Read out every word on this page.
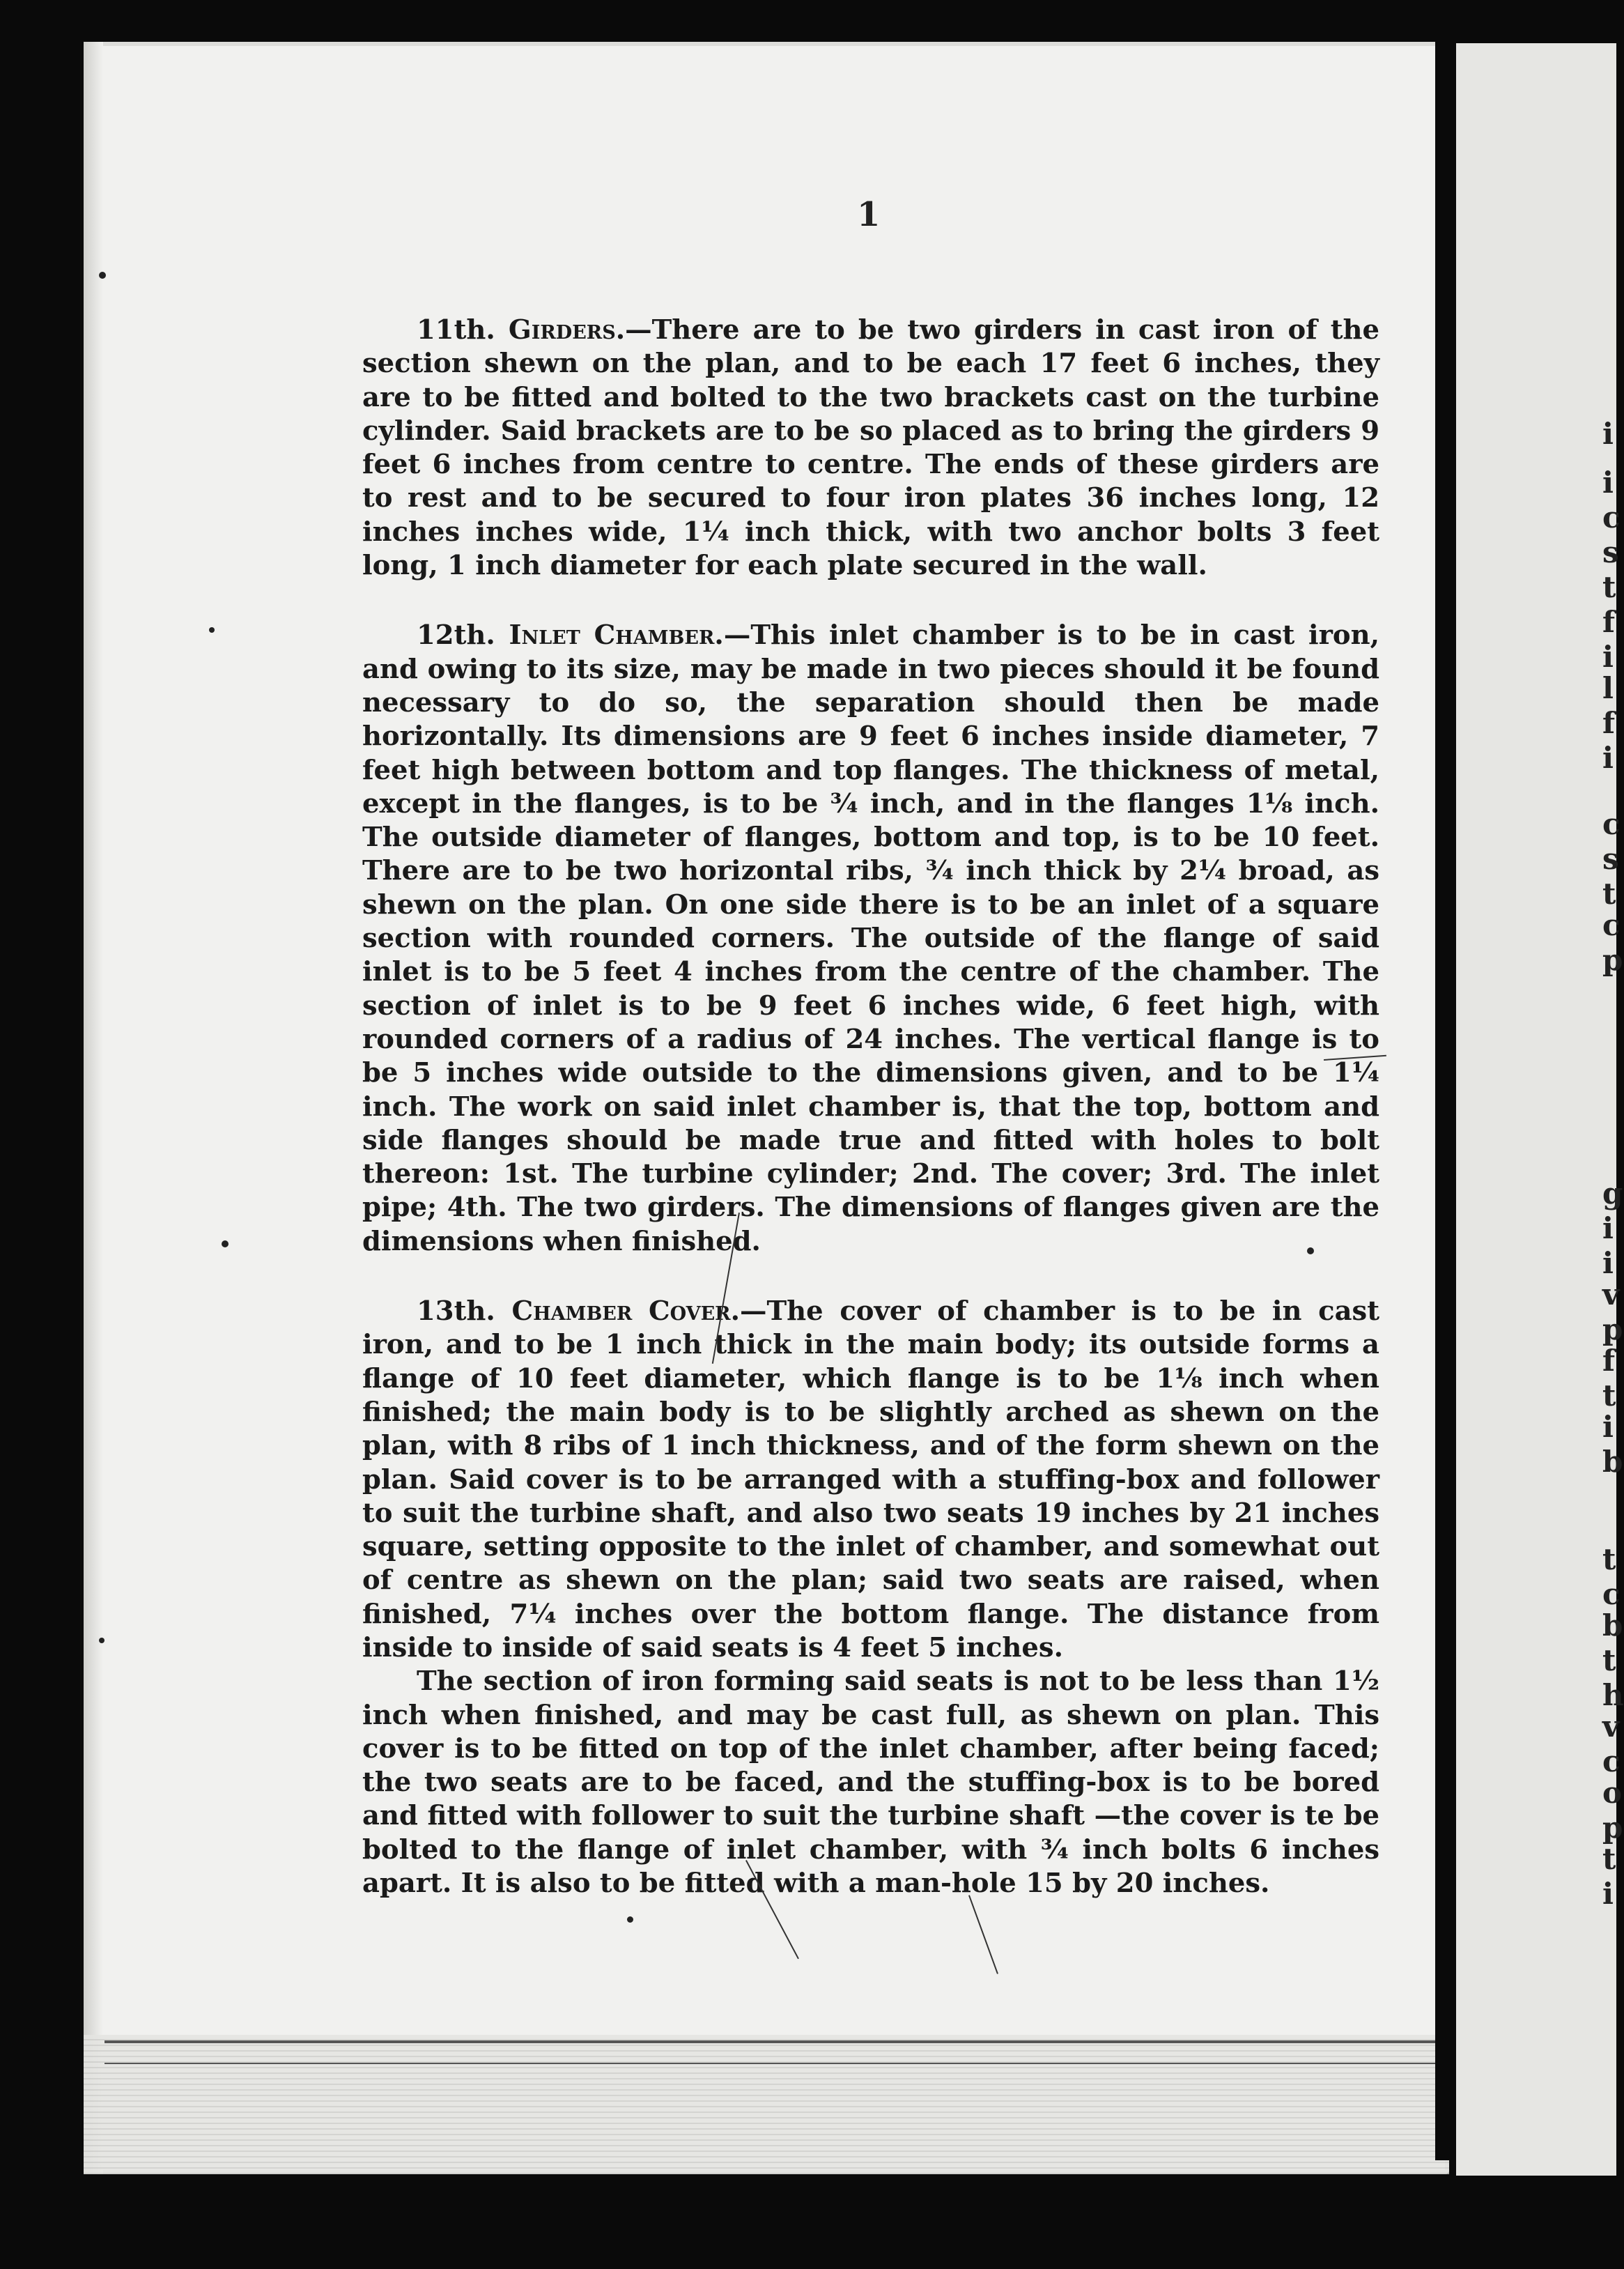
1

11th. Girders.—There are to be two girders in cast iron of the section shewn on the plan, and to be each 17 feet 6 inches, they are to be fitted and bolted to the two brackets cast on the turbine cylinder. Said brackets are to be so placed as to bring the girders 9 feet 6 inches from centre to centre. The ends of these girders are to rest and to be secured to four iron plates 36 inches long, 12 inches inches wide, 1¼ inch thick, with two anchor bolts 3 feet long, 1 inch diameter for each plate secured in the wall.

12th. Inlet Chamber.—This inlet chamber is to be in cast iron, and owing to its size, may be made in two pieces should it be found necessary to do so, the separation should then be made horizontally. Its dimensions are 9 feet 6 inches inside diameter, 7 feet high between bottom and top flanges. The thickness of metal, except in the flanges, is to be ¾ inch, and in the flanges 1⅛ inch. The outside diameter of flanges, bottom and top, is to be 10 feet. There are to be two horizontal ribs, ¾ inch thick by 2¼ broad, as shewn on the plan. On one side there is to be an inlet of a square section with rounded corners. The outside of the flange of said inlet is to be 5 feet 4 inches from the centre of the chamber. The section of inlet is to be 9 feet 6 inches wide, 6 feet high, with rounded corners of a radius of 24 inches. The vertical flange is to be 5 inches wide outside to the dimensions given, and to be 1¼ inch. The work on said inlet chamber is, that the top, bottom and side flanges should be made true and fitted with holes to bolt thereon: 1st. The turbine cylinder; 2nd. The cover; 3rd. The inlet pipe; 4th. The two girders. The dimensions of flanges given are the dimensions when finished.

13th. Chamber Cover.—The cover of chamber is to be in cast iron, and to be 1 inch thick in the main body; its outside forms a flange of 10 feet diameter, which flange is to be 1⅛ inch when finished; the main body is to be slightly arched as shewn on the plan, with 8 ribs of 1 inch thickness, and of the form shewn on the plan. Said cover is to be arranged with a stuffing-box and follower to suit the turbine shaft, and also two seats 19 inches by 21 inches square, setting opposite to the inlet of chamber, and somewhat out of centre as shewn on the plan; said two seats are raised, when finished, 7¼ inches over the bottom flange. The distance from inside to inside of said seats is 4 feet 5 inches.

The section of iron forming said seats is not to be less than 1½ inch when finished, and may be cast full, as shewn on plan. This cover is to be fitted on top of the inlet chamber, after being faced; the two seats are to be faced, and the stuffing-box is to be bored and fitted with follower to suit the turbine shaft —the cover is te be bolted to the flange of inlet chamber, with ¾ inch bolts 6 inches apart. It is also to be fitted with a man-hole 15 by 20 inches.

i
i
c
s
t
f
i
l
f
i
c
s
t
c
p
g
i
i
v
p
f
t
i
b
t
c
b
t
h
v
c
o
p
t
i
